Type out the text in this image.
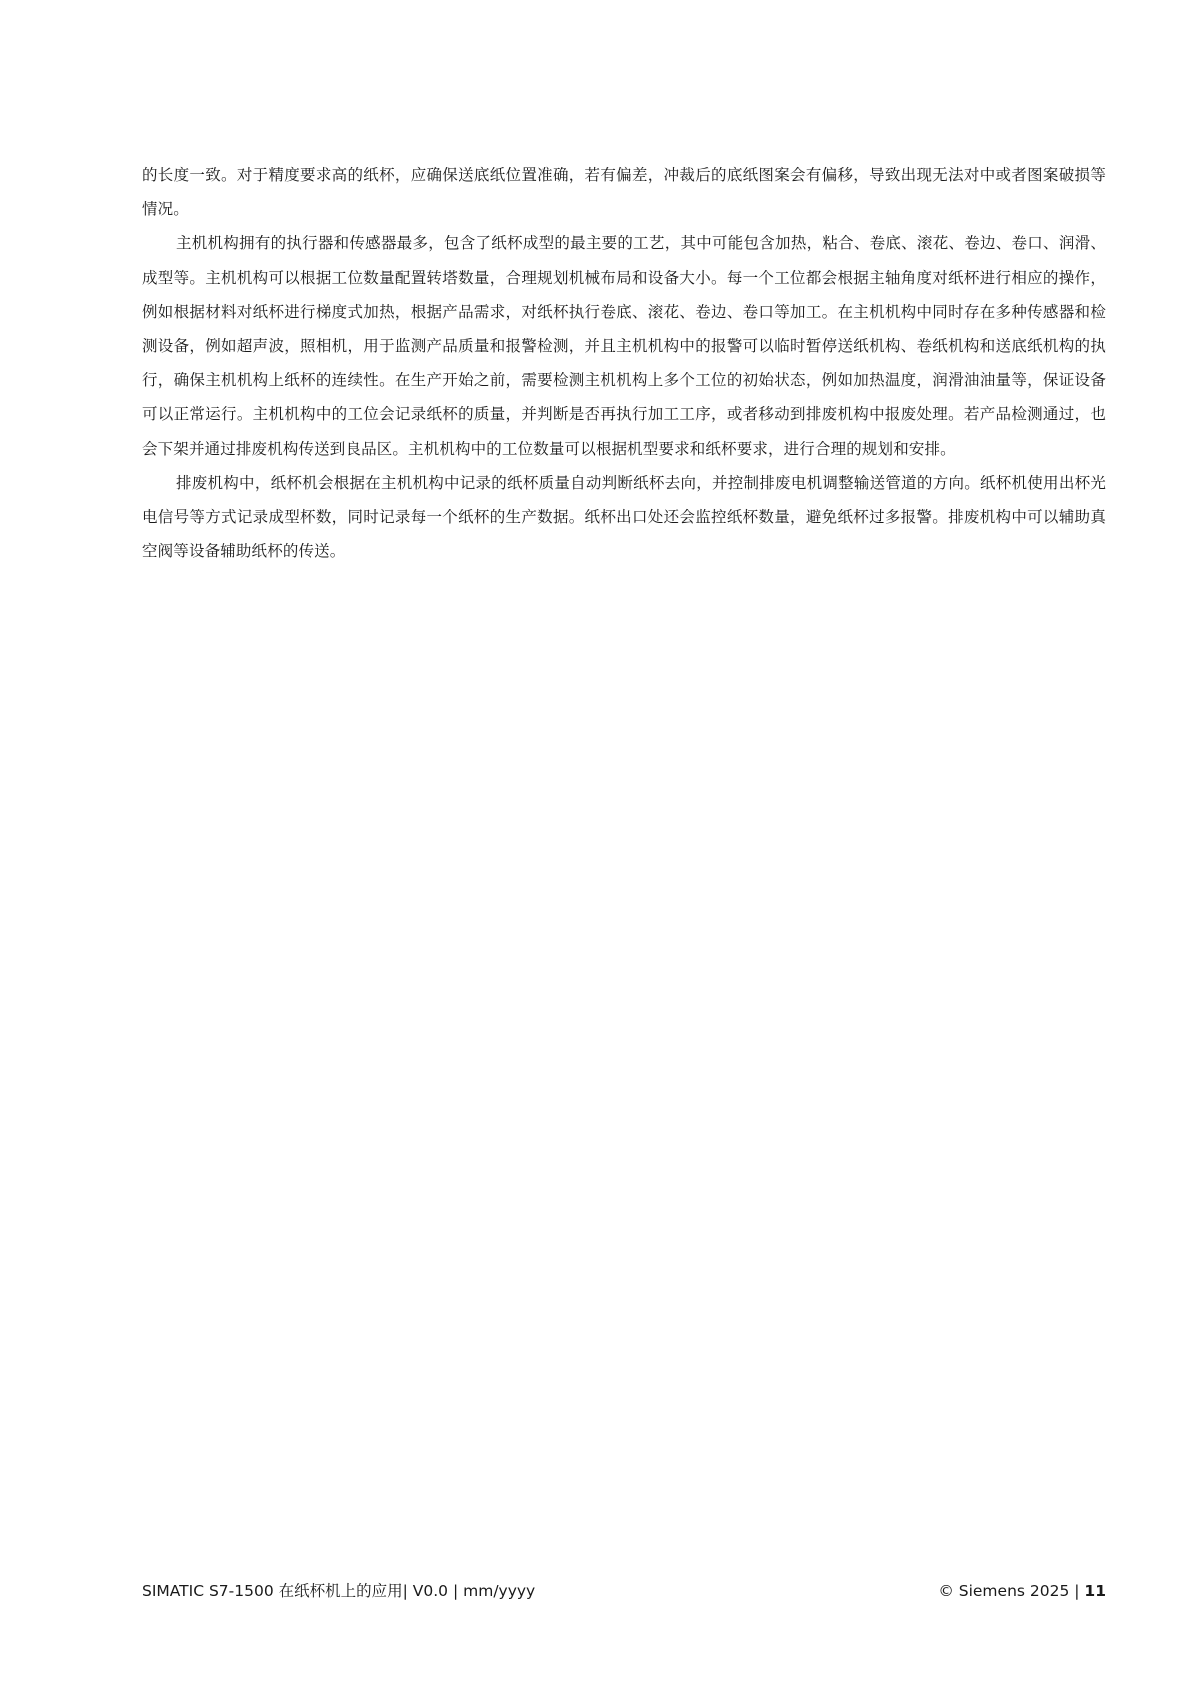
的长度一致。对于精度要求高的纸杯，应确保送底纸位置准确，若有偏差，冲裁后的底纸图案会有偏移，导致出现无法对中或者图案破损等情况。

主机机构拥有的执行器和传感器最多，包含了纸杯成型的最主要的工艺，其中可能包含加热，粘合、卷底、滚花、卷边、卷口、润滑、成型等。主机机构可以根据工位数量配置转塔数量，合理规划机械布局和设备大小。每一个工位都会根据主轴角度对纸杯进行相应的操作，例如根据材料对纸杯进行梯度式加热，根据产品需求，对纸杯执行卷底、滚花、卷边、卷口等加工。在主机机构中同时存在多种传感器和检测设备，例如超声波，照相机，用于监测产品质量和报警检测，并且主机机构中的报警可以临时暂停送纸机构、卷纸机构和送底纸机构的执行，确保主机机构上纸杯的连续性。在生产开始之前，需要检测主机机构上多个工位的初始状态，例如加热温度，润滑油油量等，保证设备可以正常运行。主机机构中的工位会记录纸杯的质量，并判断是否再执行加工工序，或者移动到排废机构中报废处理。若产品检测通过，也会下架并通过排废机构传送到良品区。主机机构中的工位数量可以根据机型要求和纸杯要求，进行合理的规划和安排。

排废机构中，纸杯机会根据在主机机构中记录的纸杯质量自动判断纸杯去向，并控制排废电机调整输送管道的方向。纸杯机使用出杯光电信号等方式记录成型杯数，同时记录每一个纸杯的生产数据。纸杯出口处还会监控纸杯数量，避免纸杯过多报警。排废机构中可以辅助真空阀等设备辅助纸杯的传送。

SIMATIC S7-1500 在纸杯机上的应用| V0.0 | mm/yyyy	© Siemens 2025 | 11
